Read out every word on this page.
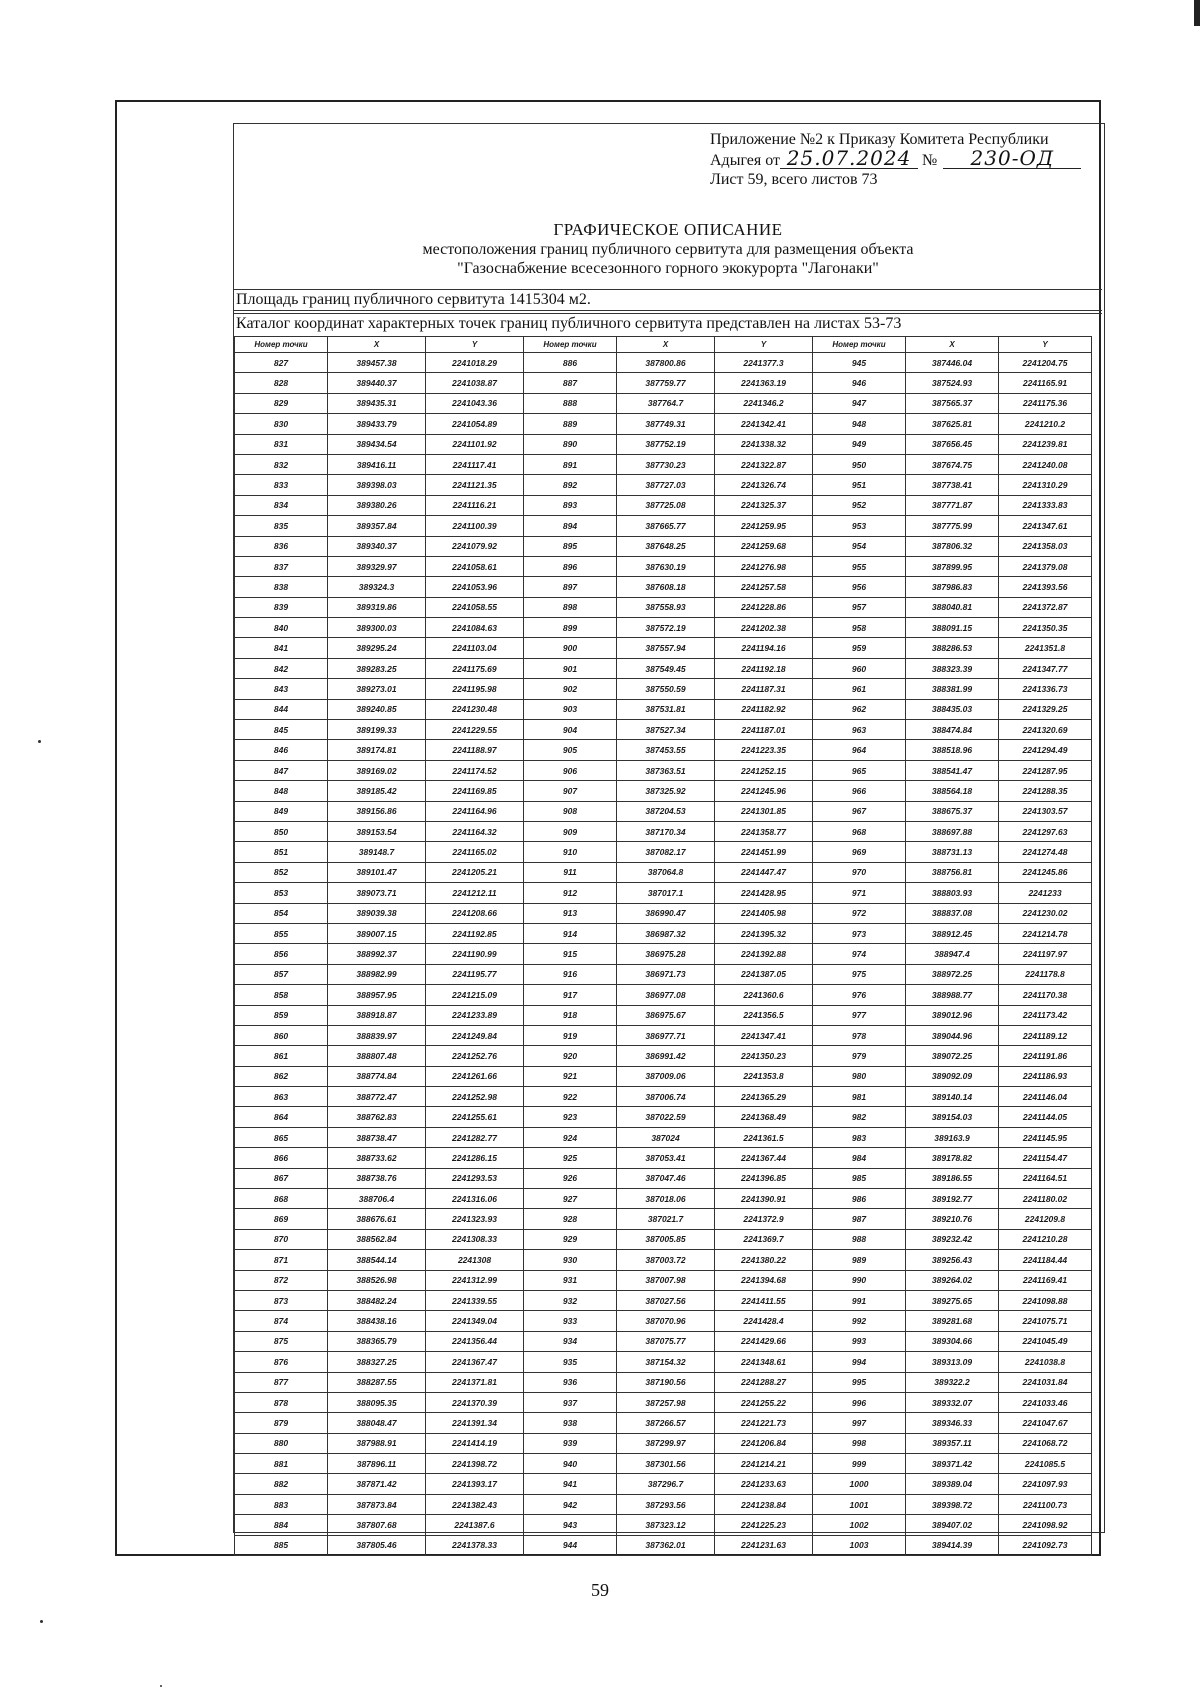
Приложение №2 к Приказу Комитета Республики
Адыгея от 25.07.2024 № 230-ОД
Лист 59, всего листов 73
ГРАФИЧЕСКОЕ ОПИСАНИЕ
местоположения границ публичного сервитута для размещения объекта
"Газоснабжение всесезонного горного экокурорта "Лагонаки"
Площадь границ публичного сервитута 1415304 м2.
Каталог координат характерных точек границ публичного сервитута представлен на листах 53-73
Номер точки	X	Y	Номер точки	X	Y	Номер точки	X	Y
827	389457.38	2241018.29	886	387800.86	2241377.3	945	387446.04	2241204.75
828	389440.37	2241038.87	887	387759.77	2241363.19	946	387524.93	2241165.91
829	389435.31	2241043.36	888	387764.7	2241346.2	947	387565.37	2241175.36
830	389433.79	2241054.89	889	387749.31	2241342.41	948	387625.81	2241210.2
831	389434.54	2241101.92	890	387752.19	2241338.32	949	387656.45	2241239.81
832	389416.11	2241117.41	891	387730.23	2241322.87	950	387674.75	2241240.08
833	389398.03	2241121.35	892	387727.03	2241326.74	951	387738.41	2241310.29
834	389380.26	2241116.21	893	387725.08	2241325.37	952	387771.87	2241333.83
835	389357.84	2241100.39	894	387665.77	2241259.95	953	387775.99	2241347.61
836	389340.37	2241079.92	895	387648.25	2241259.68	954	387806.32	2241358.03
837	389329.97	2241058.61	896	387630.19	2241276.98	955	387899.95	2241379.08
838	389324.3	2241053.96	897	387608.18	2241257.58	956	387986.83	2241393.56
839	389319.86	2241058.55	898	387558.93	2241228.86	957	388040.81	2241372.87
840	389300.03	2241084.63	899	387572.19	2241202.38	958	388091.15	2241350.35
841	389295.24	2241103.04	900	387557.94	2241194.16	959	388286.53	2241351.8
842	389283.25	2241175.69	901	387549.45	2241192.18	960	388323.39	2241347.77
843	389273.01	2241195.98	902	387550.59	2241187.31	961	388381.99	2241336.73
844	389240.85	2241230.48	903	387531.81	2241182.92	962	388435.03	2241329.25
845	389199.33	2241229.55	904	387527.34	2241187.01	963	388474.84	2241320.69
846	389174.81	2241188.97	905	387453.55	2241223.35	964	388518.96	2241294.49
847	389169.02	2241174.52	906	387363.51	2241252.15	965	388541.47	2241287.95
848	389185.42	2241169.85	907	387325.92	2241245.96	966	388564.18	2241288.35
849	389156.86	2241164.96	908	387204.53	2241301.85	967	388675.37	2241303.57
850	389153.54	2241164.32	909	387170.34	2241358.77	968	388697.88	2241297.63
851	389148.7	2241165.02	910	387082.17	2241451.99	969	388731.13	2241274.48
852	389101.47	2241205.21	911	387064.8	2241447.47	970	388756.81	2241245.86
853	389073.71	2241212.11	912	387017.1	2241428.95	971	388803.93	2241233
854	389039.38	2241208.66	913	386990.47	2241405.98	972	388837.08	2241230.02
855	389007.15	2241192.85	914	386987.32	2241395.32	973	388912.45	2241214.78
856	388992.37	2241190.99	915	386975.28	2241392.88	974	388947.4	2241197.97
857	388982.99	2241195.77	916	386971.73	2241387.05	975	388972.25	2241178.8
858	388957.95	2241215.09	917	386977.08	2241360.6	976	388988.77	2241170.38
859	388918.87	2241233.89	918	386975.67	2241356.5	977	389012.96	2241173.42
860	388839.97	2241249.84	919	386977.71	2241347.41	978	389044.96	2241189.12
861	388807.48	2241252.76	920	386991.42	2241350.23	979	389072.25	2241191.86
862	388774.84	2241261.66	921	387009.06	2241353.8	980	389092.09	2241186.93
863	388772.47	2241252.98	922	387006.74	2241365.29	981	389140.14	2241146.04
864	388762.83	2241255.61	923	387022.59	2241368.49	982	389154.03	2241144.05
865	388738.47	2241282.77	924	387024	2241361.5	983	389163.9	2241145.95
866	388733.62	2241286.15	925	387053.41	2241367.44	984	389178.82	2241154.47
867	388738.76	2241293.53	926	387047.46	2241396.85	985	389186.55	2241164.51
868	388706.4	2241316.06	927	387018.06	2241390.91	986	389192.77	2241180.02
869	388676.61	2241323.93	928	387021.7	2241372.9	987	389210.76	2241209.8
870	388562.84	2241308.33	929	387005.85	2241369.7	988	389232.42	2241210.28
871	388544.14	2241308	930	387003.72	2241380.22	989	389256.43	2241184.44
872	388526.98	2241312.99	931	387007.98	2241394.68	990	389264.02	2241169.41
873	388482.24	2241339.55	932	387027.56	2241411.55	991	389275.65	2241098.88
874	388438.16	2241349.04	933	387070.96	2241428.4	992	389281.68	2241075.71
875	388365.79	2241356.44	934	387075.77	2241429.66	993	389304.66	2241045.49
876	388327.25	2241367.47	935	387154.32	2241348.61	994	389313.09	2241038.8
877	388287.55	2241371.81	936	387190.56	2241288.27	995	389322.2	2241031.84
878	388095.35	2241370.39	937	387257.98	2241255.22	996	389332.07	2241033.46
879	388048.47	2241391.34	938	387266.57	2241221.73	997	389346.33	2241047.67
880	387988.91	2241414.19	939	387299.97	2241206.84	998	389357.11	2241068.72
881	387896.11	2241398.72	940	387301.56	2241214.21	999	389371.42	2241085.5
882	387871.42	2241393.17	941	387296.7	2241233.63	1000	389389.04	2241097.93
883	387873.84	2241382.43	942	387293.56	2241238.84	1001	389398.72	2241100.73
884	387807.68	2241387.6	943	387323.12	2241225.23	1002	389407.02	2241098.92
885	387805.46	2241378.33	944	387362.01	2241231.63	1003	389414.39	2241092.73
59
